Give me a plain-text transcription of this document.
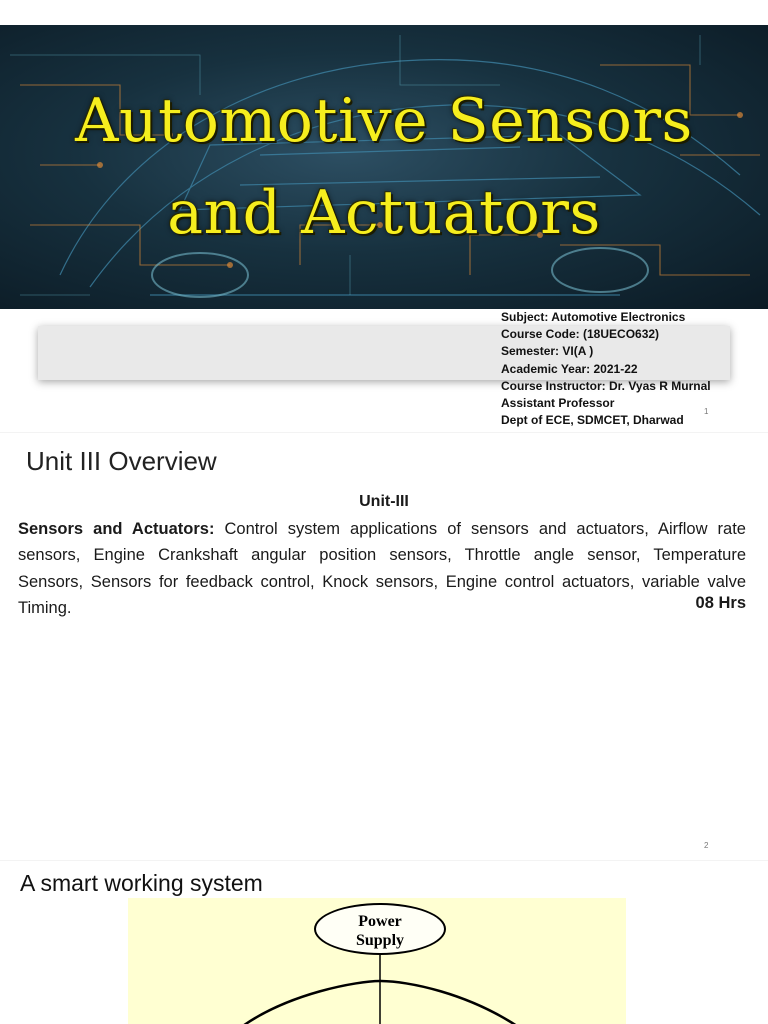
Automotive Sensors
and Actuators
Subject: Automotive Electronics
Course Code: (18UECO632)
Semester: VI(A )
Academic Year: 2021-22
Course Instructor: Dr. Vyas R Murnal
Assistant Professor
Dept of ECE, SDMCET, Dharwad
1
Unit III Overview
Unit-III
Sensors and Actuators: Control system applications of sensors and actuators, Airflow rate sensors, Engine Crankshaft angular position sensors, Throttle angle sensor, Temperature Sensors, Sensors for feedback control, Knock sensors, Engine control actuators, variable valve Timing.	08 Hrs
2
A smart working system
Power
Supply
